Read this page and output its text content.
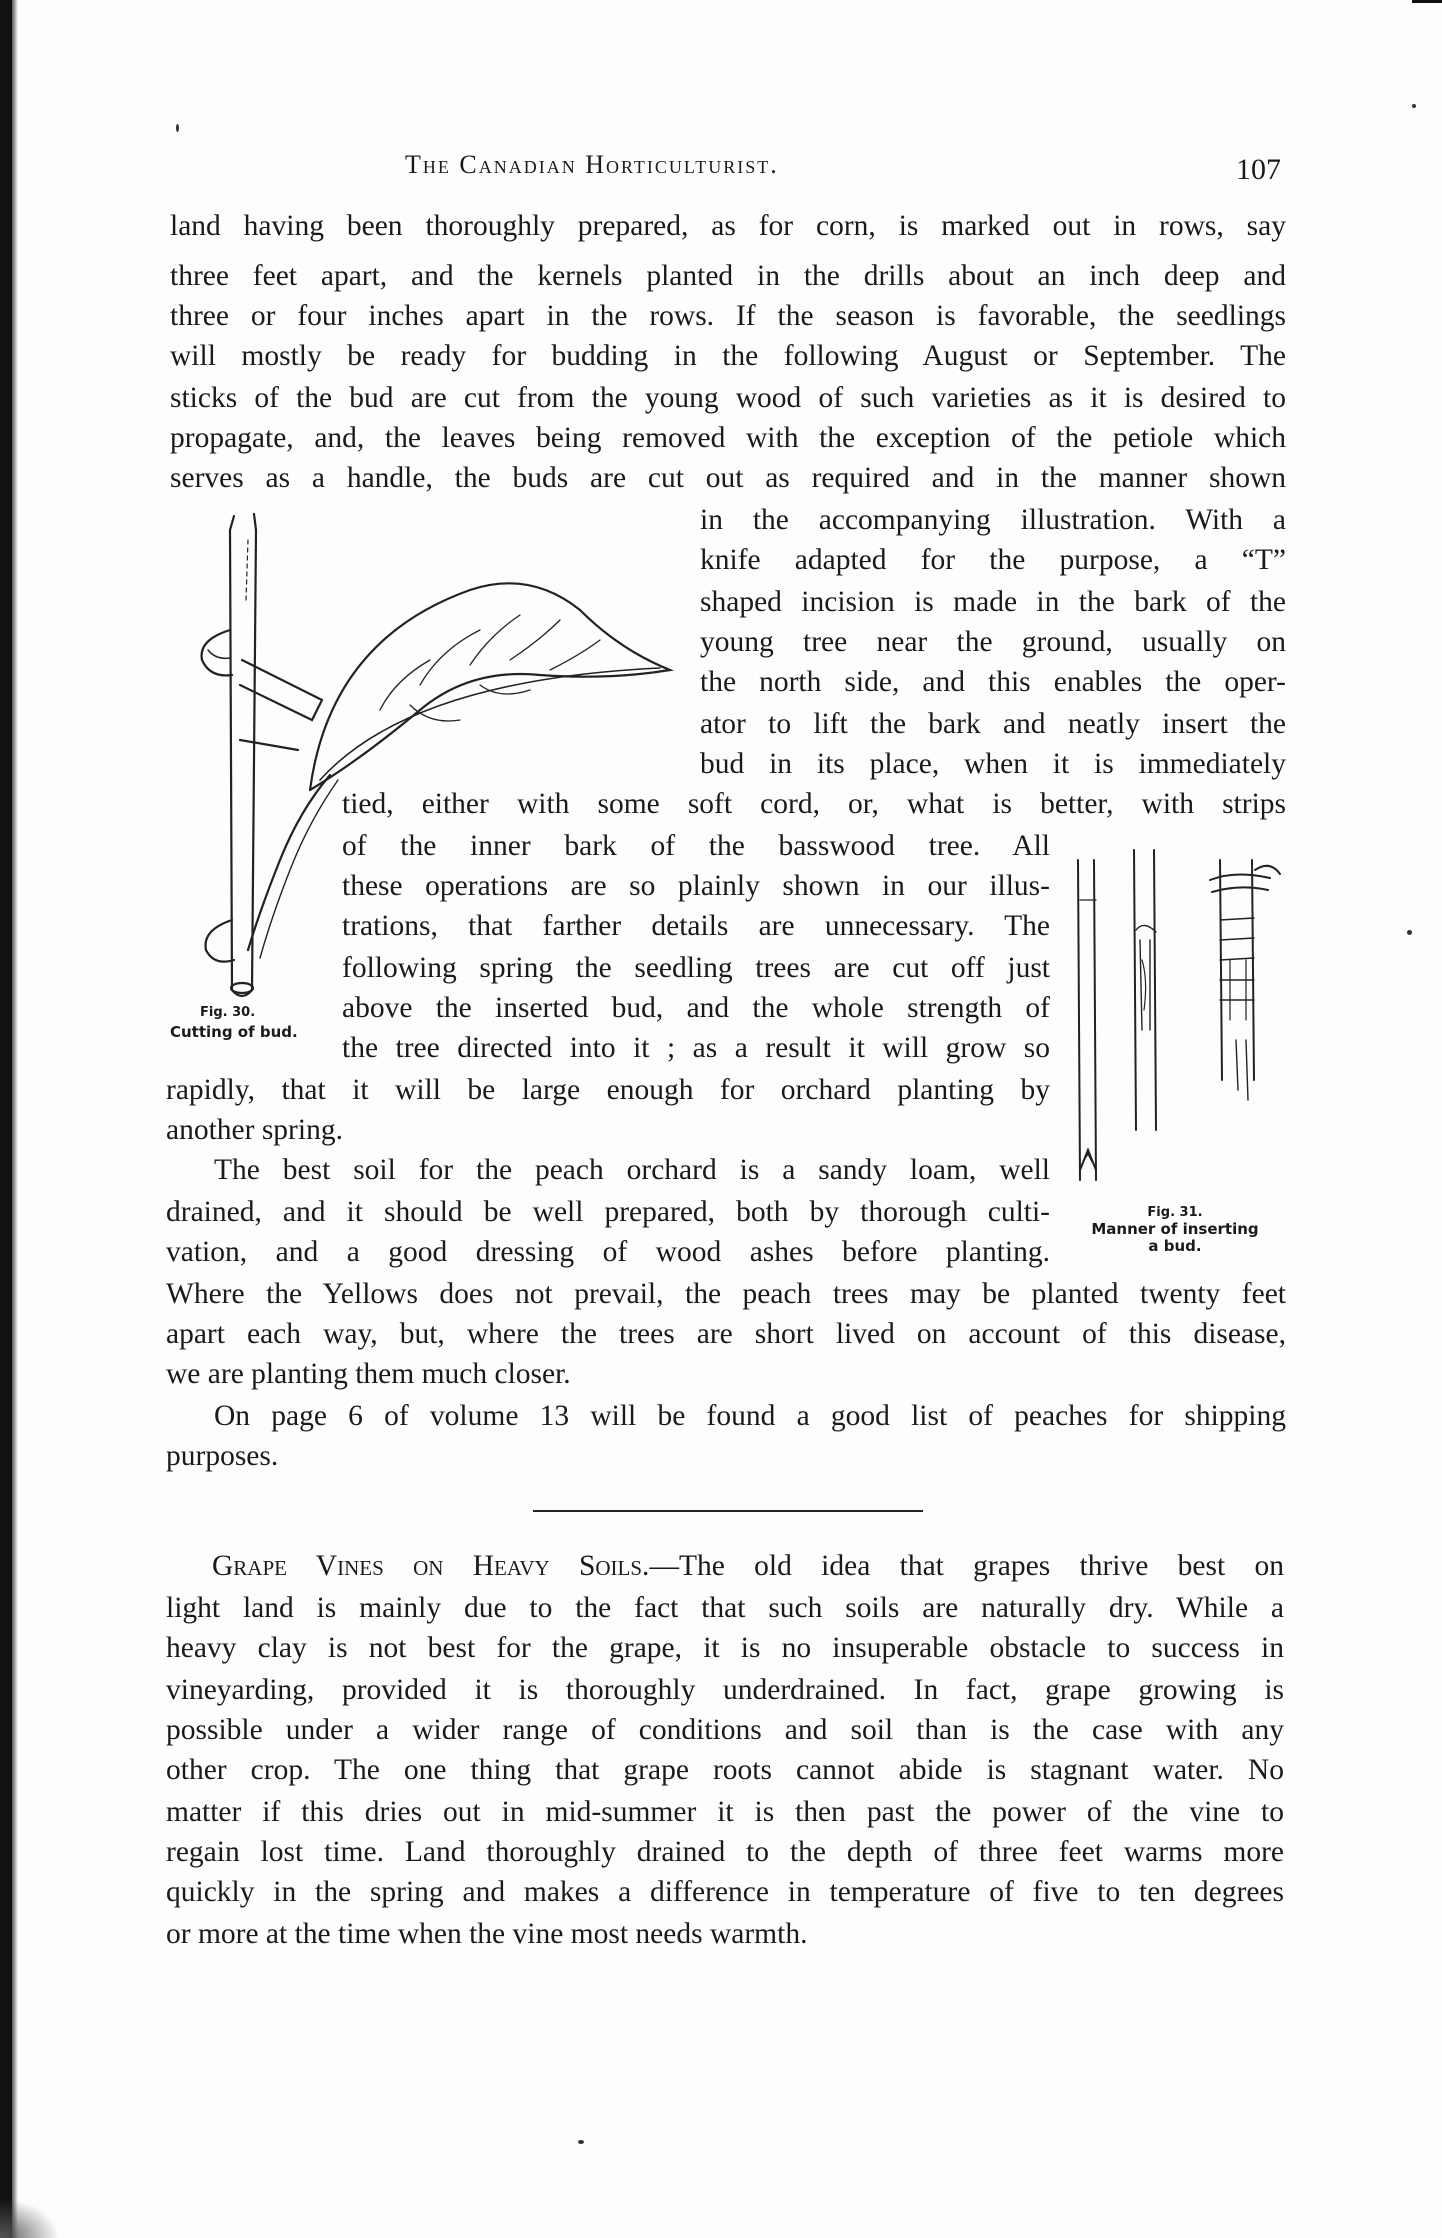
The Canadian Horticulturist.	107

land having been thoroughly prepared, as for corn, is marked out in rows, say

three feet apart, and the kernels planted in the drills about an inch deep and

three or four inches apart in the rows. If the season is favorable, the seedlings

will mostly be ready for budding in the following August or September. The

sticks of the bud are cut from the young wood of such varieties as it is desired to

propagate, and, the leaves being removed with the exception of the petiole which

serves as a handle, the buds are cut out as required and in the manner shown

in the accompanying illustration. With a

knife adapted for the purpose, a “T”

shaped incision is made in the bark of the

young tree near the ground, usually on

the north side, and this enables the oper-

ator to lift the bark and neatly insert the

bud in its place, when it is immediately

tied, either with some soft cord, or, what is better, with strips

of the inner bark of the basswood tree. All

these operations are so plainly shown in our illus-

trations, that farther details are unnecessary. The

following spring the seedling trees are cut off just

above the inserted bud, and the whole strength of

the tree directed into it ; as a result it will grow so

rapidly, that it will be large enough for orchard planting by

another spring.

The best soil for the peach orchard is a sandy loam, well

drained, and it should be well prepared, both by thorough culti-

vation, and a good dressing of wood ashes before planting.

Where the Yellows does not prevail, the peach trees may be planted twenty feet

apart each way, but, where the trees are short lived on account of this disease,

we are planting them much closer.

On page 6 of volume 13 will be found a good list of peaches for shipping

purposes.

Grape Vines on Heavy Soils.—The old idea that grapes thrive best on

light land is mainly due to the fact that such soils are naturally dry. While a

heavy clay is not best for the grape, it is no insuperable obstacle to success in

vineyarding, provided it is thoroughly underdrained. In fact, grape growing is

possible under a wider range of conditions and soil than is the case with any

other crop. The one thing that grape roots cannot abide is stagnant water. No

matter if this dries out in mid-summer it is then past the power of the vine to

regain lost time. Land thoroughly drained to the depth of three feet warms more

quickly in the spring and makes a difference in temperature of five to ten degrees

or more at the time when the vine most needs warmth.

Fig. 30.
Cutting of bud.
Fig. 31.
Manner of inserting
a bud.
